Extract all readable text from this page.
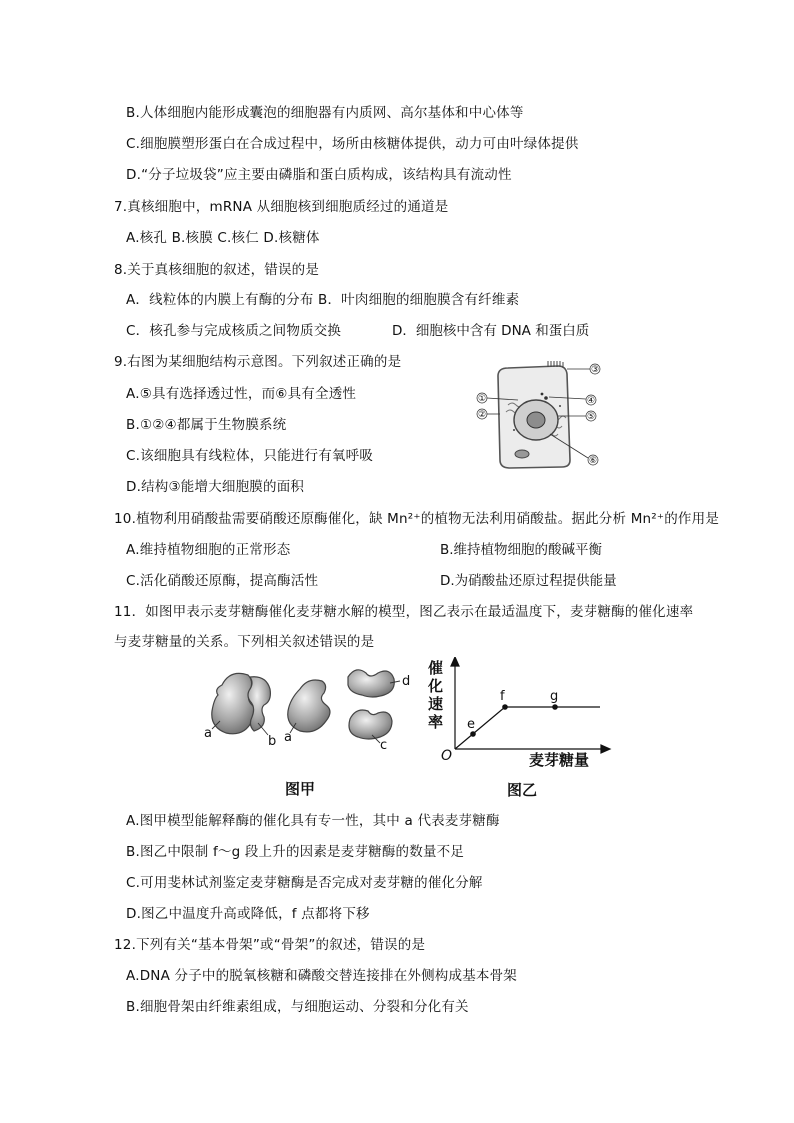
B.人体细胞内能形成囊泡的细胞器有内质网、高尔基体和中心体等
C.细胞膜塑形蛋白在合成过程中，场所由核糖体提供，动力可由叶绿体提供
D.“分子垃圾袋”应主要由磷脂和蛋白质构成，该结构具有流动性
7.真核细胞中，mRNA 从细胞核到细胞质经过的通道是
A.核孔 B.核膜 C.核仁 D.核糖体
8.关于真核细胞的叙述，错误的是
A．线粒体的内膜上有酶的分布 B．叶肉细胞的细胞膜含有纤维素
C．核孔参与完成核质之间物质交换	D．细胞核中含有 DNA 和蛋白质
9.右图为某细胞结构示意图。下列叙述正确的是
A.⑤具有选择透过性，而⑥具有全透性
B.①②④都属于生物膜系统
C.该细胞具有线粒体，只能进行有氧呼吸
D.结构③能增大细胞膜的面积
①
②
③
④
⑤
⑥
10.植物利用硝酸盐需要硝酸还原酶催化，缺 Mn²⁺的植物无法利用硝酸盐。据此分析 Mn²⁺的作用是
A.维持植物细胞的正常形态	B.维持植物细胞的酸碱平衡
C.活化硝酸还原酶，提高酶活性	D.为硝酸盐还原过程提供能量
11．如图甲表示麦芽糖酶催化麦芽糖水解的模型，图乙表示在最适温度下，麦芽糖酶的催化速率
与麦芽糖量的关系。下列相关叙述错误的是
a
b a
c
d
图甲
催
化
速
率
O	麦芽糖量
e
f	g
图乙
A.图甲模型能解释酶的催化具有专一性，其中 a 代表麦芽糖酶
B.图乙中限制 f～g 段上升的因素是麦芽糖酶的数量不足
C.可用斐林试剂鉴定麦芽糖酶是否完成对麦芽糖的催化分解
D.图乙中温度升高或降低，f 点都将下移
12.下列有关“基本骨架”或“骨架”的叙述，错误的是
A.DNA 分子中的脱氧核糖和磷酸交替连接排在外侧构成基本骨架
B.细胞骨架由纤维素组成，与细胞运动、分裂和分化有关
